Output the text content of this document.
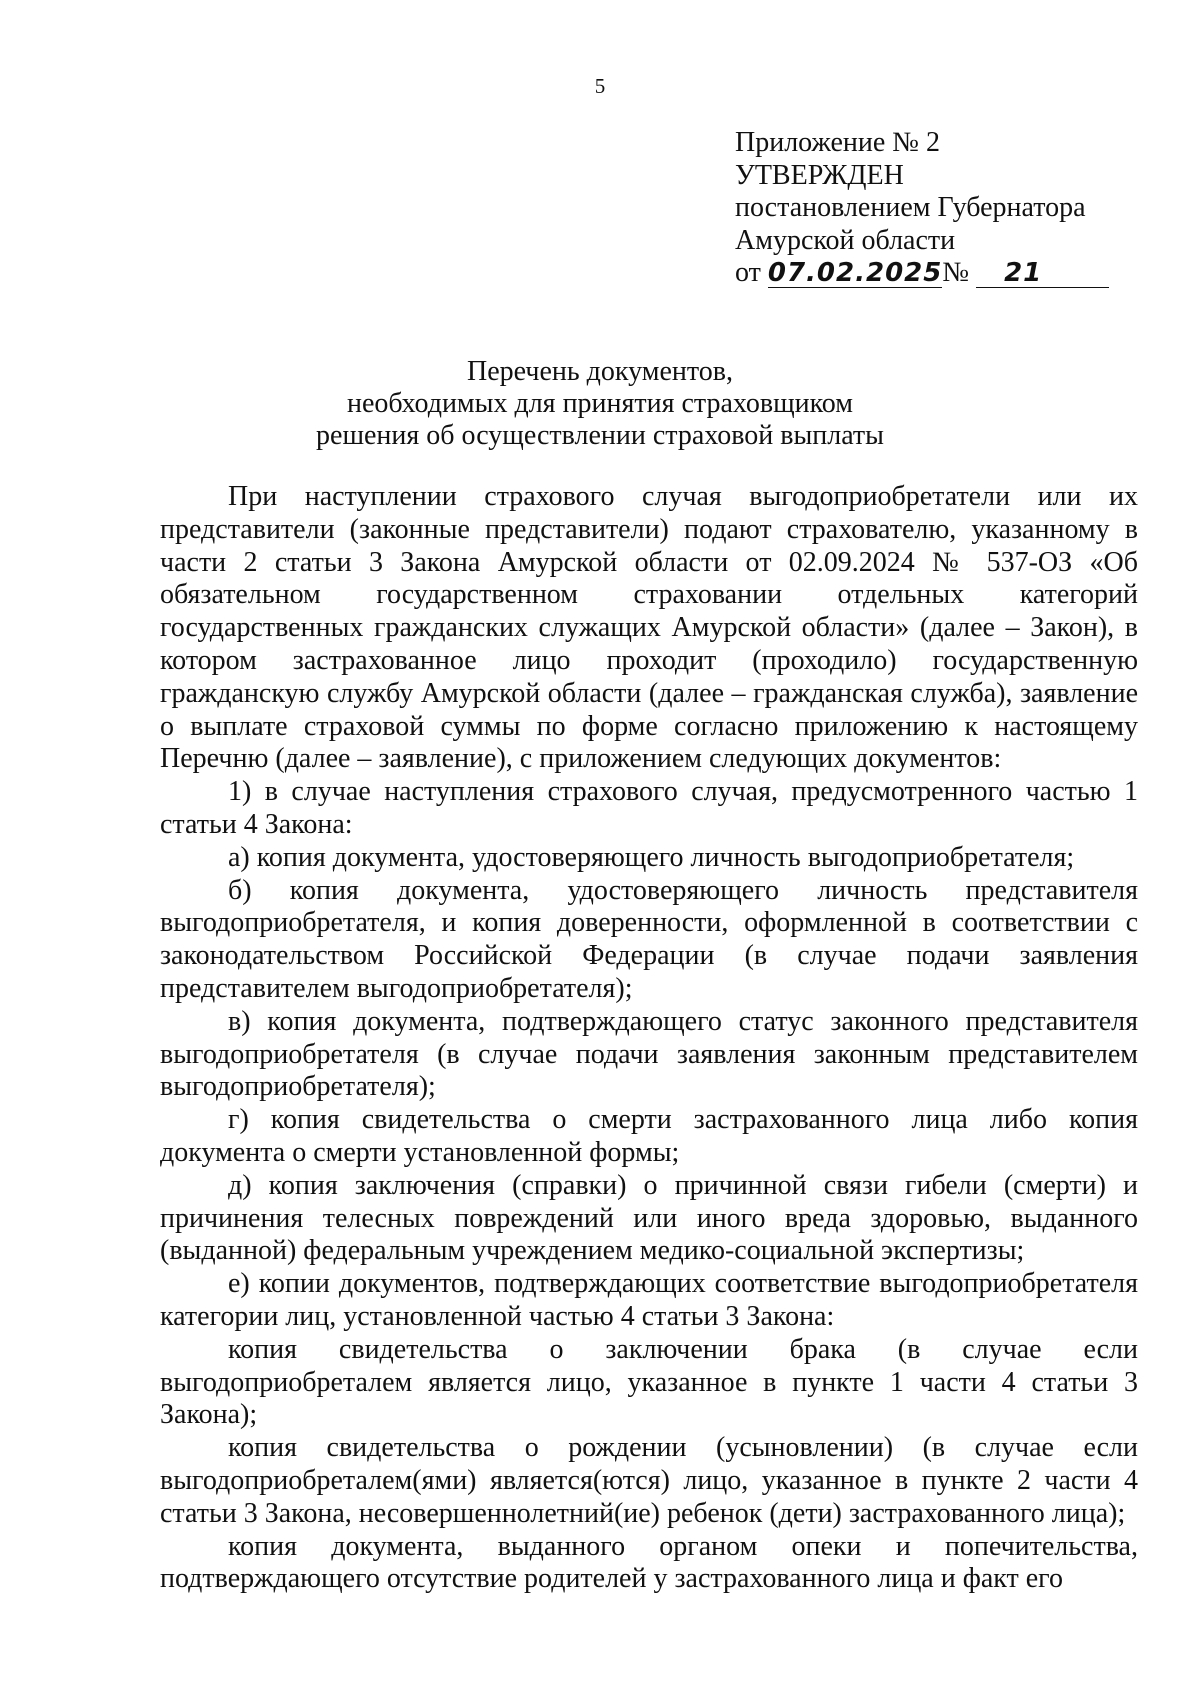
5
Приложение № 2
УТВЕРЖДЕН
постановлением Губернатора
Амурской области
от 07.02.2025№ 21
Перечень документов,
необходимых для принятия страховщиком
решения об осуществлении страховой выплаты

При наступлении страхового случая выгодоприобретатели или их представители (законные представители) подают страхователю, указанному в части 2 статьи 3 Закона Амурской области от 02.09.2024 № 537-ОЗ «Об обязательном государственном страховании отдельных категорий государственных гражданских служащих Амурской области» (далее – Закон), в котором застрахованное лицо проходит (проходило) государственную гражданскую службу Амурской области (далее – гражданская служба), заявление о выплате страховой суммы по форме согласно приложению к настоящему Перечню (далее – заявление), с приложением следующих документов:

1) в случае наступления страхового случая, предусмотренного частью 1 статьи 4 Закона:

а) копия документа, удостоверяющего личность выгодоприобретателя;

б) копия документа, удостоверяющего личность представителя выгодоприобретателя, и копия доверенности, оформленной в соответствии с законодательством Российской Федерации (в случае подачи заявления представителем выгодоприобретателя);

в) копия документа, подтверждающего статус законного представителя выгодоприобретателя (в случае подачи заявления законным представителем выгодоприобретателя);

г) копия свидетельства о смерти застрахованного лица либо копия документа о смерти установленной формы;

д) копия заключения (справки) о причинной связи гибели (смерти) и причинения телесных повреждений или иного вреда здоровью, выданного (выданной) федеральным учреждением медико-социальной экспертизы;

е) копии документов, подтверждающих соответствие выгодоприобретателя категории лиц, установленной частью 4 статьи 3 Закона:

копия свидетельства о заключении брака (в случае если выгодоприобреталем является лицо, указанное в пункте 1 части 4 статьи 3 Закона);

копия свидетельства о рождении (усыновлении) (в случае если выгодоприобреталем(ями) является(ются) лицо, указанное в пункте 2 части 4 статьи 3 Закона, несовершеннолетний(ие) ребенок (дети) застрахованного лица);

копия документа, выданного органом опеки и попечительства, подтверждающего отсутствие родителей у застрахованного лица и факт его
